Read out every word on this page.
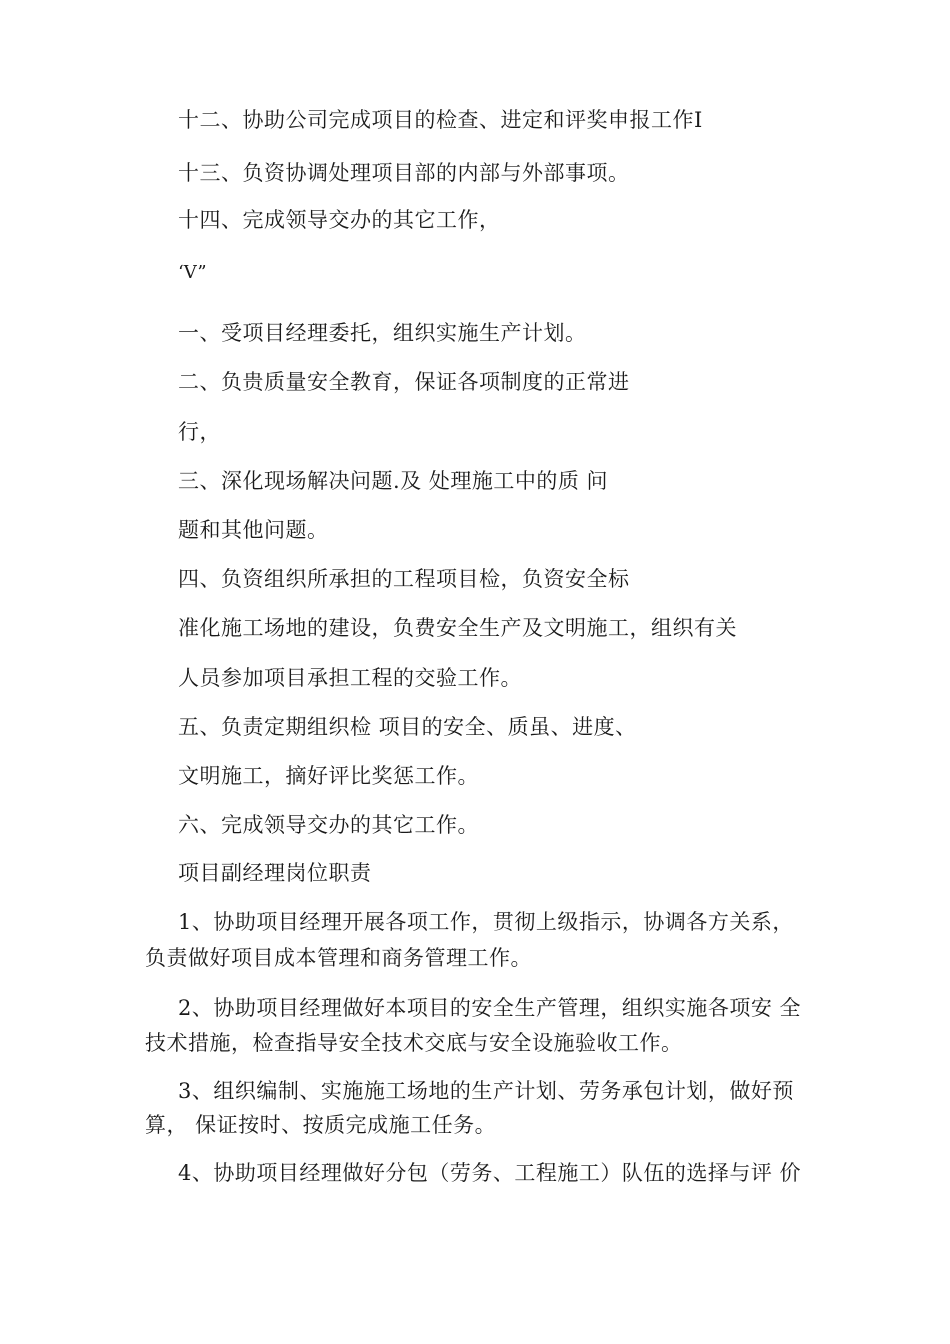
十二、协助公司完成项目的检查、进定和评奖申报工作I
十三、负资协调处理项目部的内部与外部事项。
十四、完成领导交办的其它工作，
‘V”
一、受项目经理委托，组织实施生产计划。
二、负贵质量安全教育，保证各项制度的正常进
行，
三、深化现场解决问题.及 处理施工中的质 问
题和其他问题。
四、负资组织所承担的工程项目检，负资安全标
准化施工场地的建设，负费安全生产及文明施工，组织有关
人员参加项目承担工程的交验工作。
五、负责定期组织检 项目的安全、质虽、进度、
文明施工，摘好评比奖惩工作。
六、完成领导交办的其它工作。
项目副经理岗位职责
1、协助项目经理开展各项工作，贯彻上级指示，协调各方关系，
负责做好项目成本管理和商务管理工作。
2、协助项目经理做好本项目的安全生产管理，组织实施各项安 全
技术措施，检查指导安全技术交底与安全设施验收工作。
3、组织编制、实施施工场地的生产计划、劳务承包计划，做好预
算， 保证按时、按质完成施工任务。
4、协助项目经理做好分包（劳务、工程施工）队伍的选择与评 价
